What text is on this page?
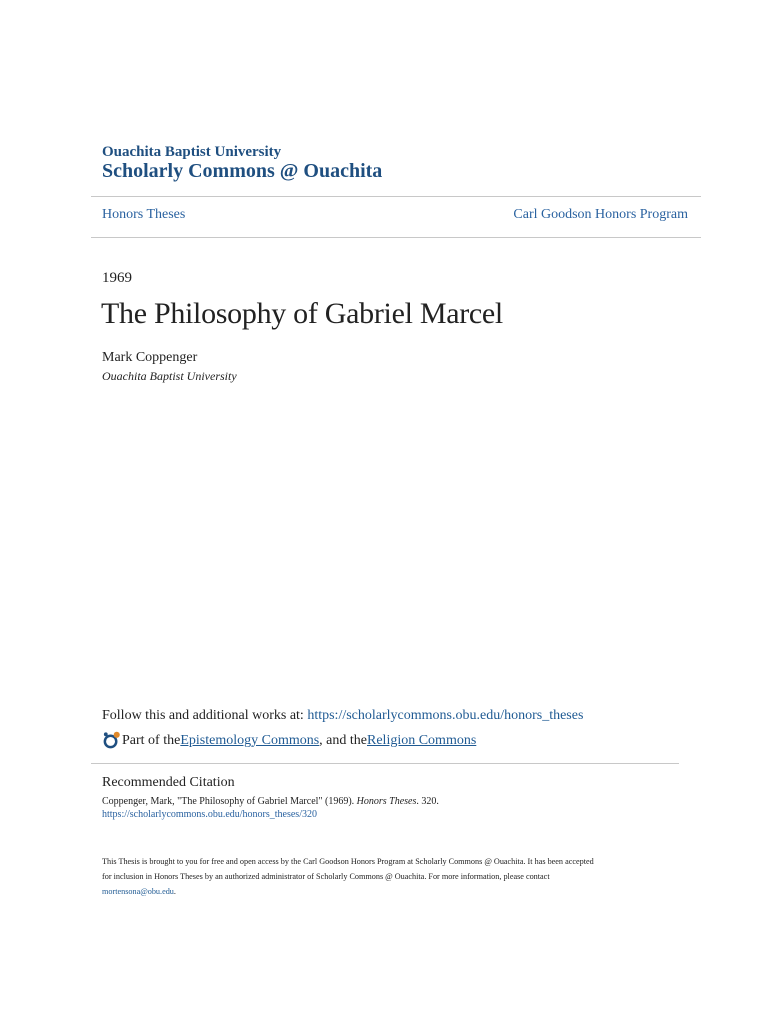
Ouachita Baptist University
Scholarly Commons @ Ouachita
Honors Theses	Carl Goodson Honors Program
1969
The Philosophy of Gabriel Marcel
Mark Coppenger
Ouachita Baptist University
Follow this and additional works at: https://scholarlycommons.obu.edu/honors_theses
Part of the Epistemology Commons , and the Religion Commons
Recommended Citation
Coppenger, Mark, "The Philosophy of Gabriel Marcel" (1969). Honors Theses. 320.
https://scholarlycommons.obu.edu/honors_theses/320
This Thesis is brought to you for free and open access by the Carl Goodson Honors Program at Scholarly Commons @ Ouachita. It has been accepted
for inclusion in Honors Theses by an authorized administrator of Scholarly Commons @ Ouachita. For more information, please contact
mortensona@obu.edu.
